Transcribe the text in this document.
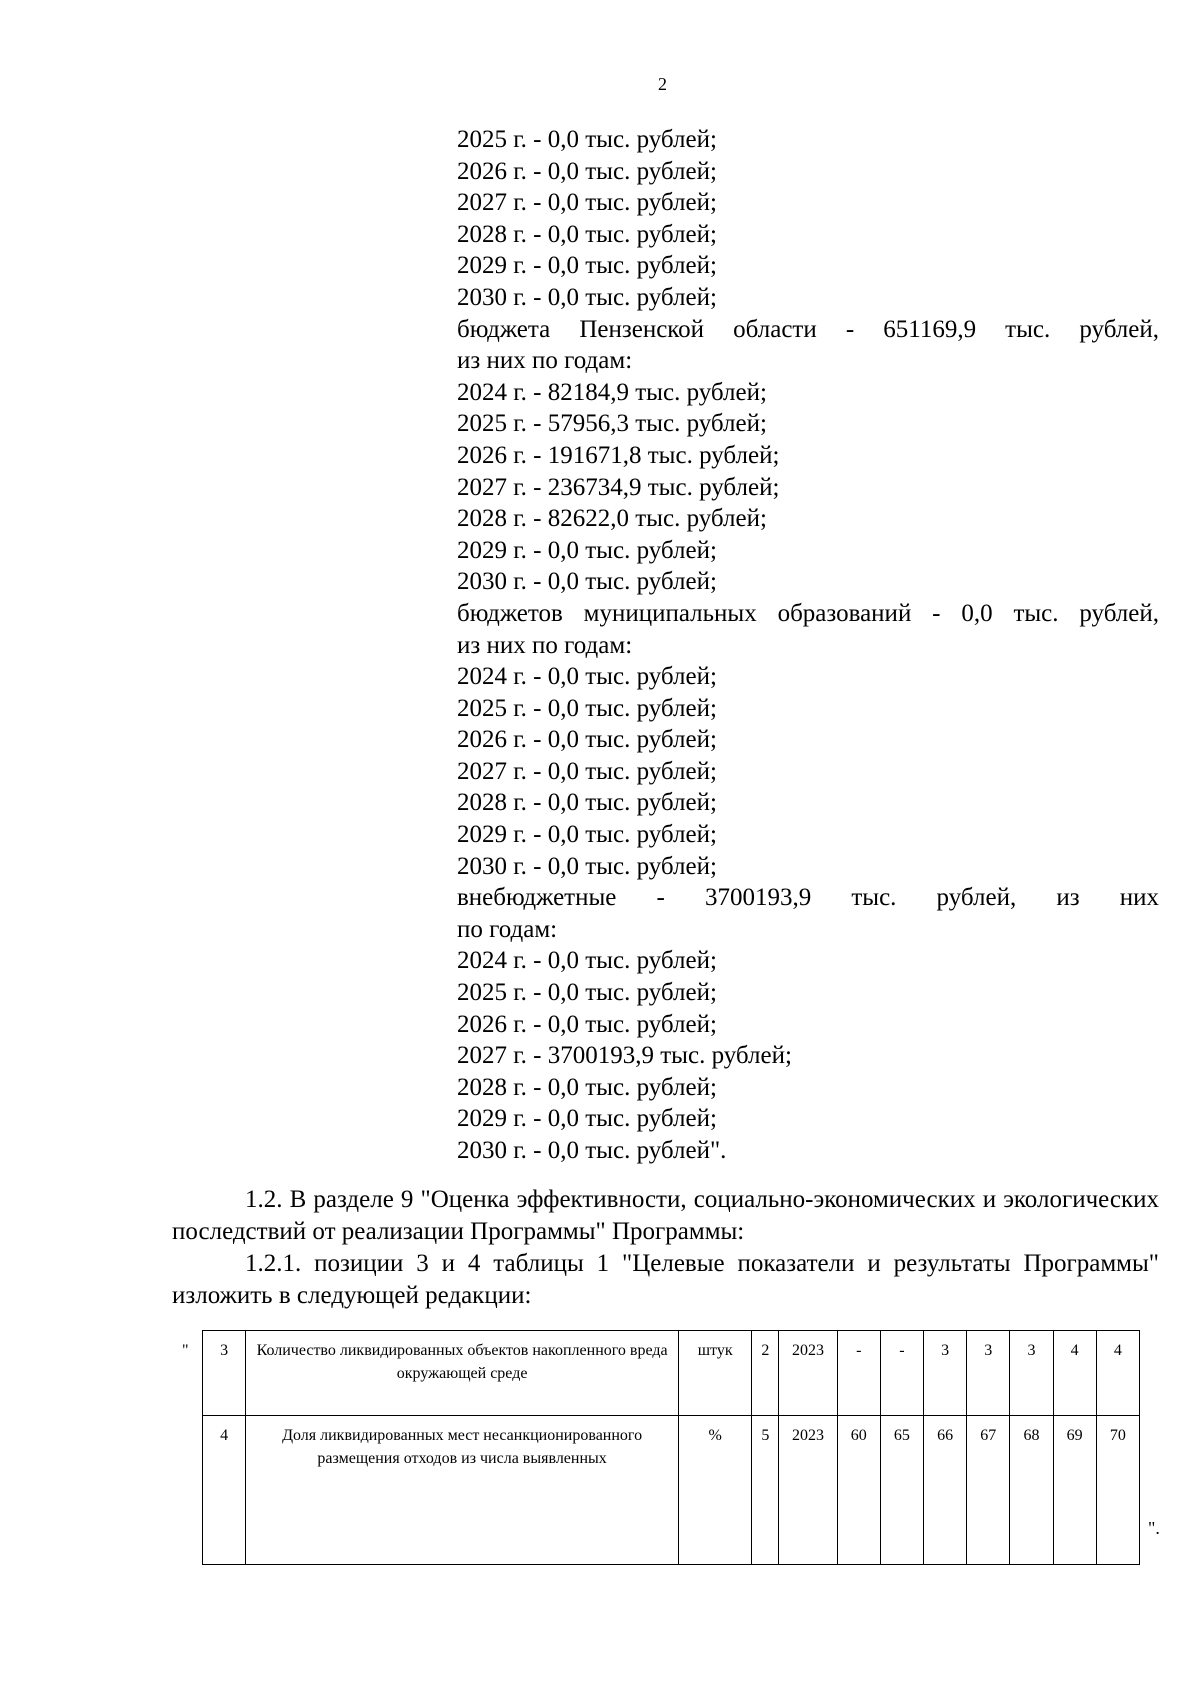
2
2025 г. - 0,0 тыс. рублей;
2026 г. - 0,0 тыс. рублей;
2027 г. - 0,0 тыс. рублей;
2028 г. - 0,0 тыс. рублей;
2029 г. - 0,0 тыс. рублей;
2030 г. - 0,0 тыс. рублей;
бюджета Пензенской области - 651169,9 тыс. рублей,
из них по годам:
2024 г. - 82184,9 тыс. рублей;
2025 г. - 57956,3 тыс. рублей;
2026 г. - 191671,8 тыс. рублей;
2027 г. - 236734,9 тыс. рублей;
2028 г. - 82622,0 тыс. рублей;
2029 г. - 0,0 тыс. рублей;
2030 г. - 0,0 тыс. рублей;
бюджетов муниципальных образований - 0,0 тыс. рублей,
из них по годам:
2024 г. - 0,0 тыс. рублей;
2025 г. - 0,0 тыс. рублей;
2026 г. - 0,0 тыс. рублей;
2027 г. - 0,0 тыс. рублей;
2028 г. - 0,0 тыс. рублей;
2029 г. - 0,0 тыс. рублей;
2030 г. - 0,0 тыс. рублей;
внебюджетные - 3700193,9 тыс. рублей, из них
по годам:
2024 г. - 0,0 тыс. рублей;
2025 г. - 0,0 тыс. рублей;
2026 г. - 0,0 тыс. рублей;
2027 г. - 3700193,9 тыс. рублей;
2028 г. - 0,0 тыс. рублей;
2029 г. - 0,0 тыс. рублей;
2030 г. - 0,0 тыс. рублей".
1.2. В разделе 9 "Оценка эффективности, социально-экономических и экологических последствий от реализации Программы" Программы:
1.2.1. позиции 3 и 4 таблицы 1 "Целевые показатели и результаты Программы" изложить в следующей редакции:
" 3	Количество ликвидированных объектов накопленного вреда окружающей среде	штук	2	2023	-	-	3	3	3	4	4
4	Доля ликвидированных мест несанкционированного размещения отходов из числа выявленных	%	5	2023	60	65	66	67	68	69	70
".
